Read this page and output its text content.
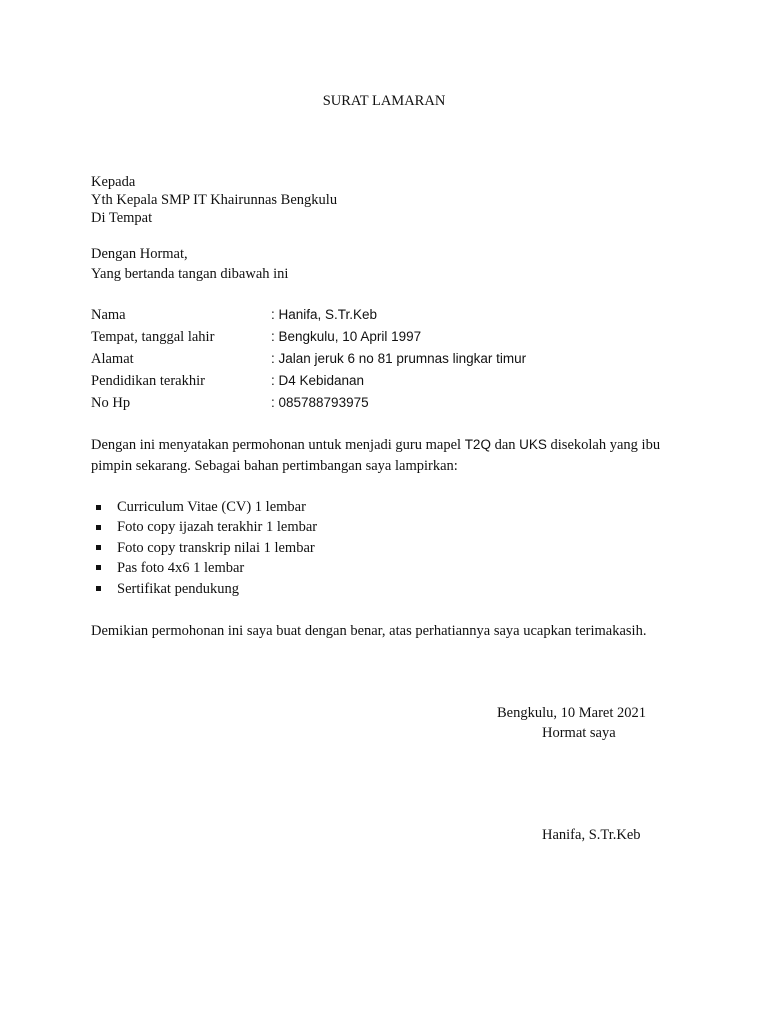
SURAT LAMARAN
Kepada
Yth Kepala SMP IT Khairunnas Bengkulu
Di Tempat
Dengan Hormat,
Yang bertanda tangan dibawah ini
Nama	: Hanifa, S.Tr.Keb
Tempat, tanggal lahir	: Bengkulu, 10 April 1997
Alamat	: Jalan jeruk 6 no 81 prumnas lingkar timur
Pendidikan terakhir	: D4 Kebidanan
No Hp	: 085788793975
Dengan ini menyatakan permohonan untuk menjadi guru mapel T2Q dan UKS disekolah yang ibu
pimpin sekarang. Sebagai bahan pertimbangan saya lampirkan:
Curriculum Vitae (CV) 1 lembar
Foto copy ijazah terakhir 1 lembar
Foto copy transkrip nilai 1 lembar
Pas foto 4x6 1 lembar
Sertifikat pendukung
Demikian permohonan ini saya buat dengan benar, atas perhatiannya saya ucapkan terimakasih.
Bengkulu, 10 Maret 2021
Hormat saya
Hanifa, S.Tr.Keb
